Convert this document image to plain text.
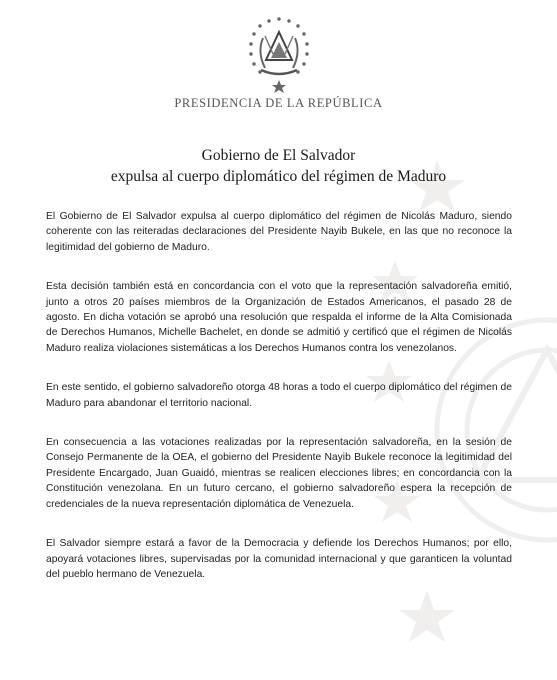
PRESIDENCIA DE LA REPÚBLICA
Gobierno de El Salvador
expulsa al cuerpo diplomático del régimen de Maduro

El Gobierno de El Salvador expulsa al cuerpo diplomático del régimen de Nicolás Maduro, siendo coherente con las reiteradas declaraciones del Presidente Nayib Bukele, en las que no reconoce la legitimidad del gobierno de Maduro.

Esta decisión también está en concordancia con el voto que la representación salvadoreña emitió, junto a otros 20 países miembros de la Organización de Estados Americanos, el pasado 28 de agosto. En dicha votación se aprobó una resolución que respalda el informe de la Alta Comisionada de Derechos Humanos, Michelle Bachelet, en donde se admitió y certificó que el régimen de Nicolás Maduro realiza violaciones sistemáticas a los Derechos Humanos contra los venezolanos.

En este sentido, el gobierno salvadoreño otorga 48 horas a todo el cuerpo diplomático del régimen de Maduro para abandonar el territorio nacional.

En consecuencia a las votaciones realizadas por la representación salvadoreña, en la sesión de Consejo Permanente de la OEA, el gobierno del Presidente Nayib Bukele reconoce la legitimidad del Presidente Encargado, Juan Guaidó, mientras se realicen elecciones libres; en concordancia con la Constitución venezolana. En un futuro cercano, el gobierno salvadoreño espera la recepción de credenciales de la nueva representación diplomática de Venezuela.

El Salvador siempre estará a favor de la Democracia y defiende los Derechos Humanos; por ello, apoyará votaciones libres, supervisadas por la comunidad internacional y que garanticen la voluntad del pueblo hermano de Venezuela.
